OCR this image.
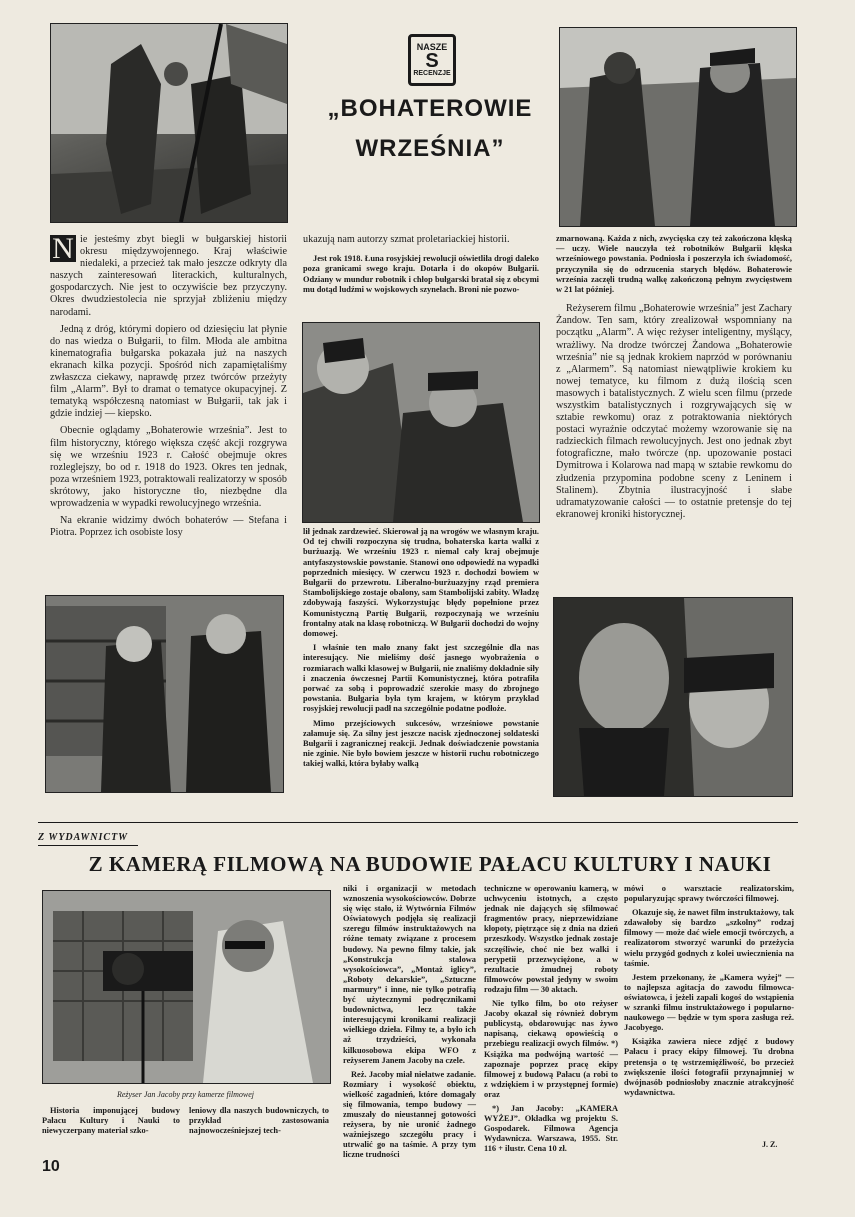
NASZE
S
RECENZJE
„BOHATEROWIE
WRZEŚNIA”

N ie jesteśmy zbyt biegli w bułgarskiej historii okresu międzywojennego. Kraj właściwie niedaleki, a przecież tak mało jeszcze odkryty dla naszych zainteresowań literackich, kulturalnych, gospodarczych. Nie jest to oczywiście bez przyczyny. Okres dwudziestolecia nie sprzyjał zbliżeniu między narodami.

Jedną z dróg, którymi dopiero od dziesięciu lat płynie do nas wiedza o Bułgarii, to film. Młoda ale ambitna kinematografia bułgarska pokazała już na naszych ekranach kilka pozycji. Spośród nich zapamiętaliśmy zwłaszcza ciekawy, naprawdę przez twórców przeżyty film „Alarm”. Był to dramat o tematyce okupacyjnej. Z tematyką współczesną natomiast w Bułgarii, tak jak i gdzie indziej — kiepsko.

Obecnie oglądamy „Bohaterowie września”. Jest to film historyczny, którego większa część akcji rozgrywa się we wrześniu 1923 r. Całość obejmuje okres rozleglejszy, bo od r. 1918 do 1923. Okres ten jednak, poza wrześniem 1923, potraktowali realizatorzy w sposób skrótowy, jako historyczne tło, niezbędne dla wprowadzenia w wypadki rewolucyjnego września.

Na ekranie widzimy dwóch bohaterów — Stefana i Piotra. Poprzez ich osobiste losy

ukazują nam autorzy szmat proletariackiej historii.

Jest rok 1918. Łuna rosyjskiej rewolucji oświetliła drogi daleko poza granicami swego kraju. Dotarła i do okopów Bułgarii. Odziany w mundur robotnik i chłop bułgarski bratał się z obcymi mu dotąd ludźmi w wojskowych szynelach. Broni nie pozwo-

lił jednak zardzewieć. Skierował ją na wrogów we własnym kraju. Od tej chwili rozpoczyna się trudna, bohaterska karta walki z burżuazją. We wrześniu 1923 r. niemal cały kraj obejmuje antyfaszystowskie powstanie. Stanowi ono odpowiedź na wypadki poprzednich miesięcy. W czerwcu 1923 r. dochodzi bowiem w Bułgarii do przewrotu. Liberalno-burżuazyjny rząd premiera Stambolijskiego zostaje obalony, sam Stambolijski zabity. Władzę zdobywają faszyści. Wykorzystując błędy popełnione przez Komunistyczną Partię Bułgarii, rozpoczynają we wrześniu frontalny atak na klasę robotniczą. W Bułgarii dochodzi do wojny domowej.

I właśnie ten mało znany fakt jest szczególnie dla nas interesujący. Nie mieliśmy dość jasnego wyobrażenia o rozmiarach walki klasowej w Bułgarii, nie znaliśmy dokładnie siły i znaczenia ówczesnej Partii Komunistycznej, która potrafiła porwać za sobą i poprowadzić szerokie masy do zbrojnego powstania. Bułgaria była tym krajem, w którym przykład rosyjskiej rewolucji padł na szczególnie podatne podłoże.

Mimo przejściowych sukcesów, wrześniowe powstanie załamuje się. Za silny jest jeszcze nacisk zjednoczonej soldateski Bułgarii i zagranicznej reakcji. Jednak doświadczenie powstania nie zginie. Nie było bowiem jeszcze w historii ruchu robotniczego takiej walki, która byłaby walką

zmarnowaną. Każda z nich, zwycięska czy też zakończona klęską — uczy. Wiele nauczyła też robotników Bułgarii klęska wrześniowego powstania. Podniosła i poszerzyła ich świadomość, przyczyniła się do odrzucenia starych błędów. Bohaterowie września zaczęli trudną walkę zakończoną pełnym zwycięstwem w 21 lat później.

Reżyserem filmu „Bohaterowie września” jest Zachary Żandow. Ten sam, który zrealizował wspomniany na początku „Alarm”. A więc reżyser inteligentny, myślący, wrażliwy. Na drodze twórczej Żandowa „Bohaterowie września” nie są jednak krokiem naprzód w porównaniu z „Alarmem”. Są natomiast niewątpliwie krokiem ku nowej tematyce, ku filmom z dużą ilością scen masowych i batalistycznych. Z wielu scen filmu (przede wszystkim batalistycznych i rozgrywających się w sztabie rewkomu) oraz z potraktowania niektórych postaci wyraźnie odczytać możemy wzorowanie się na radzieckich filmach rewolucyjnych. Jest ono jednak zbyt fotograficzne, mało twórcze (np. upozowanie postaci Dymitrowa i Kolarowa nad mapą w sztabie rewkomu do złudzenia przypomina podobne sceny z Leninem i Stalinem). Zbytnia ilustracyjność i słabe udramatyzowanie całości — to ostatnie pretensje do tej ekranowej kroniki historycznej.

Z WYDAWNICTW
Z KAMERĄ FILMOWĄ NA BUDOWIE PAŁACU KULTURY I NAUKI
Reżyser Jan Jacoby przy kamerze filmowej

Historia imponującej budowy Pałacu Kultury i Nauki to niewyczerpany materiał szko-

leniowy dla naszych budowniczych, to przykład zastosowania najnowocześniejszej tech-

niki i organizacji w metodach wznoszenia wysokościowców. Dobrze się więc stało, iż Wytwórnia Filmów Oświatowych podjęła się realizacji szeregu filmów instruktażowych na różne tematy związane z procesem budowy. Na pewno filmy takie, jak „Konstrukcja stalowa wysokościowca”, „Montaż iglicy”, „Roboty dekarskie”, „Sztuczne marmury” i inne, nie tylko potrafią być użytecznymi podręcznikami budownictwa, lecz także interesującymi kronikami realizacji wielkiego dzieła. Filmy te, a było ich aż trzydzieści, wykonała kilkuosobowa ekipa WFO z reżyserem Janem Jacoby na czele.

Reż. Jacoby miał niełatwe zadanie. Rozmiary i wysokość obiektu, wielkość zagadnień, które domagały się filmowania, tempo budowy — zmuszały do nieustannej gotowości reżysera, by nie uronić żadnego ważniejszego szczegółu pracy i utrwalić go na taśmie. A przy tym liczne trudności

techniczne w operowaniu kamerą, w uchwyceniu istotnych, a często jednak nie dających się sfilmować fragmentów pracy, nieprzewidziane kłopoty, piętrzące się z dnia na dzień przeszkody. Wszystko jednak zostaje szczęśliwie, choć nie bez walki i perypetii przezwyciężone, a w rezultacie żmudnej roboty filmowców powstał jedyny w swoim rodzaju film — 30 aktach.

Nie tylko film, bo oto reżyser Jacoby okazał się również dobrym publicystą, obdarowując nas żywo napisaną, ciekawą opowieścią o przebiegu realizacji owych filmów. *) Książka ma podwójną wartość — zapoznaje poprzez pracę ekipy filmowej z budową Pałacu (a robi to z wdziękiem i w przystępnej formie) oraz

*) Jan Jacoby: „KAMERA WYŻEJ”. Okładka wg projektu S. Gospodarek. Filmowa Agencja Wydawnicza. Warszawa, 1955. Str. 116 + ilustr. Cena 10 zł.

mówi o warsztacie realizatorskim, popularyzując sprawy twórczości filmowej.

Okazuje się, że nawet film instruktażowy, tak zdawałoby się bardzo „szkolny” rodzaj filmowy — może dać wiele emocji twórczych, a realizatorom stworzyć warunki do przeżycia wielu przygód godnych z kolei uwiecznienia na taśmie.

Jestem przekonany, że „Kamera wyżej” — to najlepsza agitacja do zawodu filmowca-oświatowca, i jeżeli zapali kogoś do wstąpienia w szranki filmu instruktażowego i popularno-naukowego — będzie w tym spora zasługa reż. Jacobyego.

Książka zawiera niece zdjęć z budowy Pałacu i pracy ekipy filmowej. Tu drobna pretensja o tę wstrzemięźliwość, bo przecież zwiększenie ilości fotografii przynajmniej w dwójnasób podniosłoby znacznie atrakcyjność wydawnictwa.

J. Z.
10
